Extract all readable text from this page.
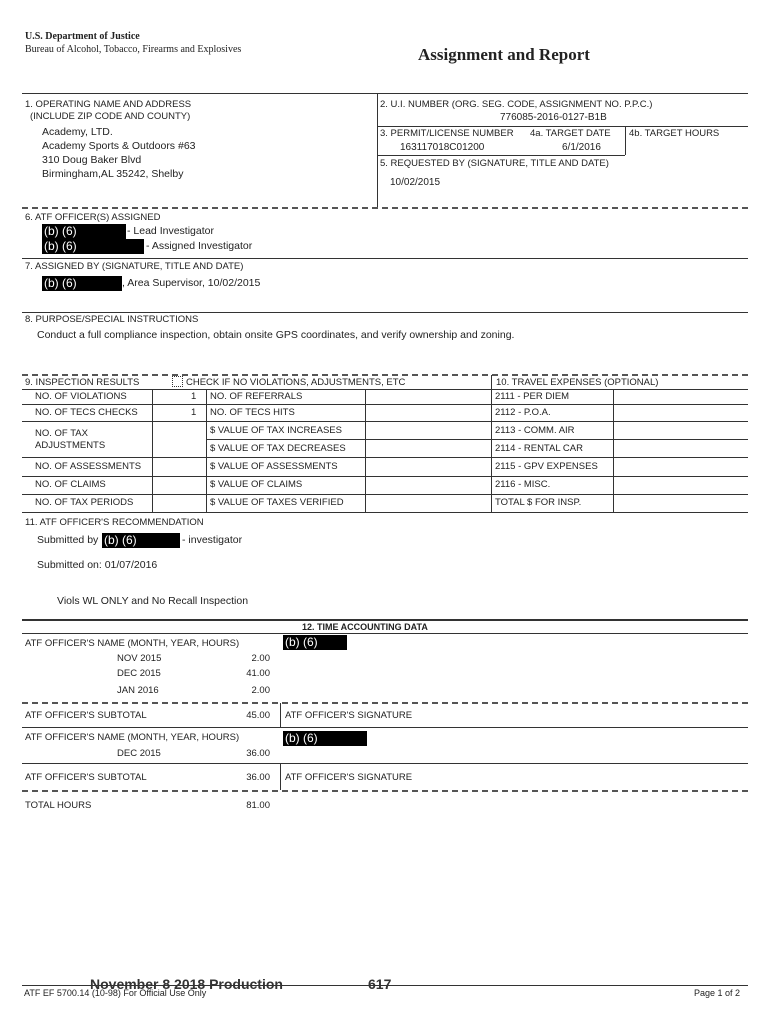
U.S. Department of Justice
Bureau of Alcohol, Tobacco, Firearms and Explosives	Assignment and Report
1. OPERATING NAME AND ADDRESS
(INCLUDE ZIP CODE AND COUNTY)
Academy, LTD.
Academy Sports & Outdoors #63
310 Doug Baker Blvd
Birmingham,AL 35242, Shelby
2. U.I. NUMBER (ORG. SEG. CODE, ASSIGNMENT NO. P.P.C.)
776085-2016-0127-B1B
3. PERMIT/LICENSE NUMBER
163117018C01200
4a. TARGET DATE
6/1/2016
4b. TARGET HOURS
5. REQUESTED BY (SIGNATURE, TITLE AND DATE)
10/02/2015
6. ATF OFFICER(S) ASSIGNED
(b) (6)	- Lead Investigator
(b) (6)	- Assigned Investigator
7. ASSIGNED BY (SIGNATURE, TITLE AND DATE)
(b) (6)	, Area Supervisor, 10/02/2015
8. PURPOSE/SPECIAL INSTRUCTIONS
Conduct a full compliance inspection, obtain onsite GPS coordinates, and verify ownership and zoning.
9. INSPECTION RESULTS	CHECK IF NO VIOLATIONS, ADJUSTMENTS, ETC	10. TRAVEL EXPENSES (OPTIONAL)
NO. OF VIOLATIONS	1 NO. OF REFERRALS	2111 - PER DIEM
NO. OF TECS CHECKS	1 NO. OF TECS HITS	2112 - P.O.A.
NO. OF TAX
ADJUSTMENTS
$ VALUE OF TAX INCREASES	2113 - COMM. AIR
$ VALUE OF TAX DECREASES	2114 - RENTAL CAR
NO. OF ASSESSMENTS	$ VALUE OF ASSESSMENTS	2115 - GPV EXPENSES
NO. OF CLAIMS	$ VALUE OF CLAIMS	2116 - MISC.
NO. OF TAX PERIODS	$ VALUE OF TAXES VERIFIED	TOTAL $ FOR INSP.
11. ATF OFFICER'S RECOMMENDATION
Submitted by (b) (6)	- investigator
Submitted on: 01/07/2016
Viols WL ONLY and No Recall Inspection
12. TIME ACCOUNTING DATA
ATF OFFICER'S NAME (MONTH, YEAR, HOURS)	(b) (6)
NOV 2015	2.00
DEC 2015	41.00
JAN 2016	2.00
ATF OFFICER'S SUBTOTAL	45.00 ATF OFFICER'S SIGNATURE
ATF OFFICER'S NAME (MONTH, YEAR, HOURS)	(b) (6)
DEC 2015	36.00
ATF OFFICER'S SUBTOTAL	36.00 ATF OFFICER'S SIGNATURE
TOTAL HOURS	81.00
November 8 2018 Production	617
ATF EF 5700.14 (10-98) For Official Use Only	Page 1 of 2
